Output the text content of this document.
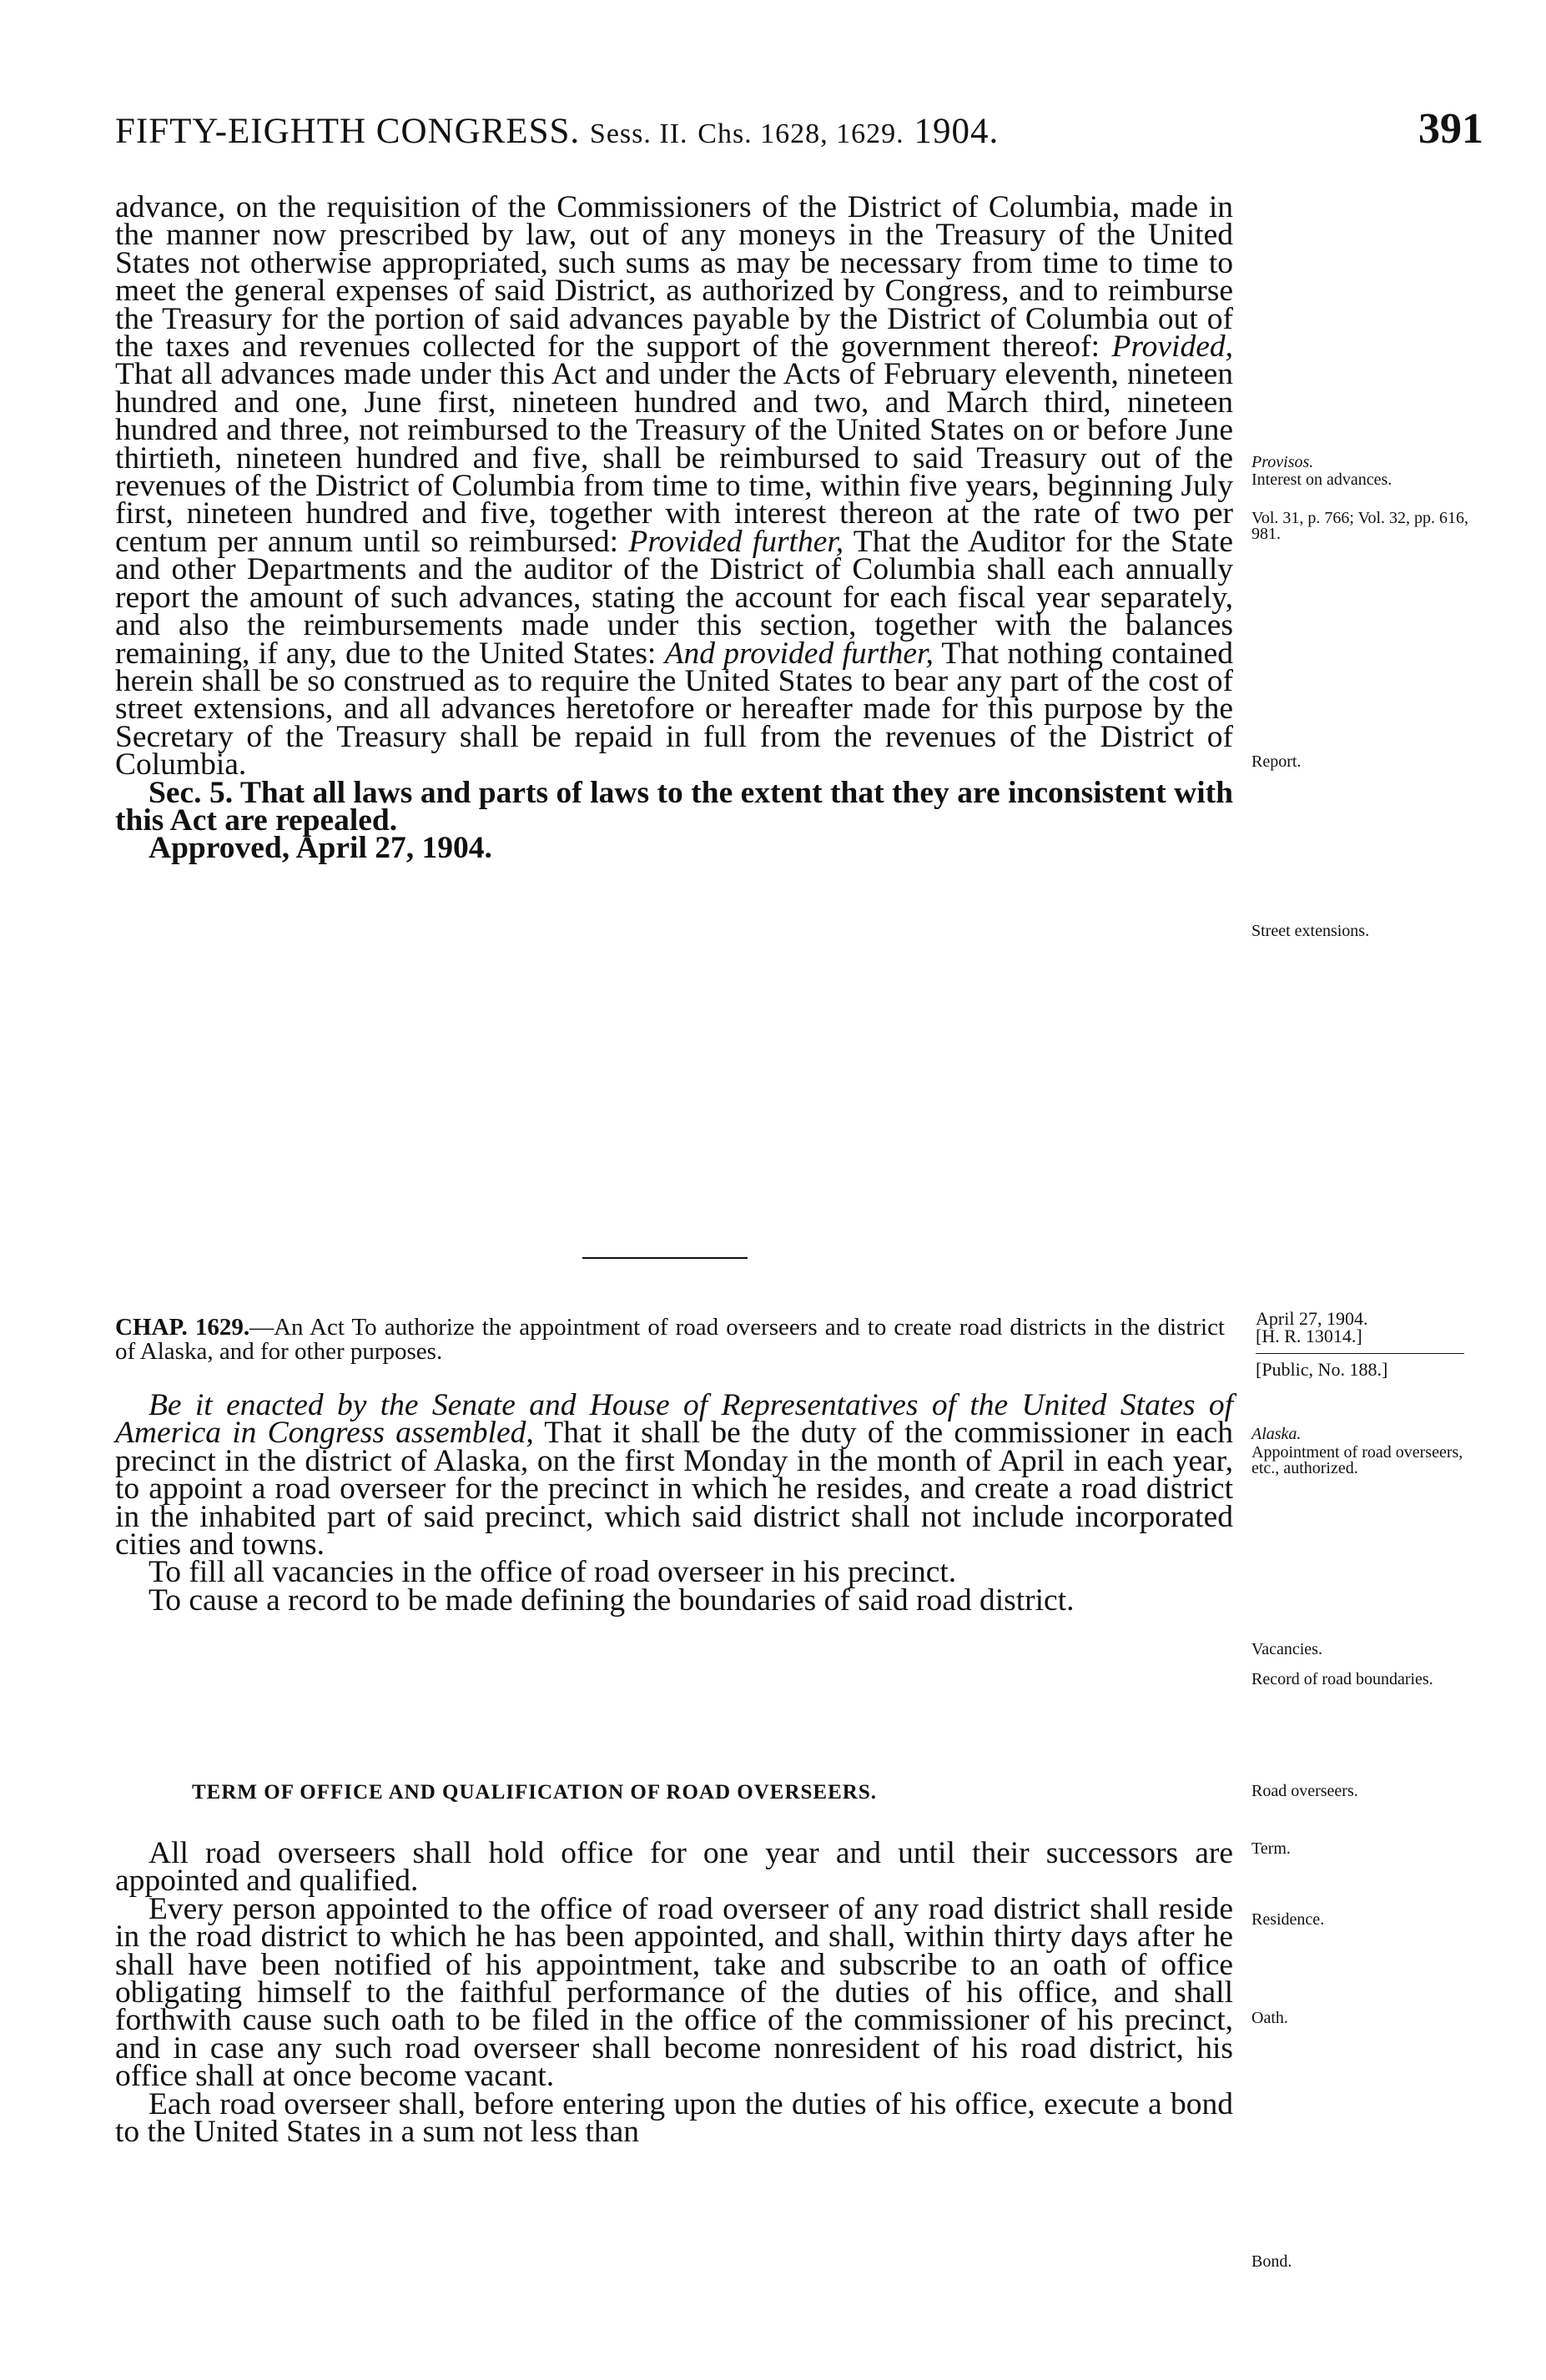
FIFTY-EIGHTH CONGRESS. Sess. II. Chs. 1628, 1629. 1904.	391

advance, on the requisition of the Commissioners of the District of Columbia, made in the manner now prescribed by law, out of any moneys in the Treasury of the United States not otherwise appropriated, such sums as may be necessary from time to time to meet the general expenses of said District, as authorized by Congress, and to reimburse the Treasury for the portion of said advances payable by the District of Columbia out of the taxes and revenues collected for the support of the government thereof: Provided, That all advances made under this Act and under the Acts of February eleventh, nineteen hundred and one, June first, nineteen hundred and two, and March third, nineteen hundred and three, not reimbursed to the Treasury of the United States on or before June thirtieth, nineteen hundred and five, shall be reimbursed to said Treasury out of the revenues of the District of Columbia from time to time, within five years, beginning July first, nineteen hundred and five, together with interest thereon at the rate of two per centum per annum until so reimbursed: Provided further, That the Auditor for the State and other Departments and the auditor of the District of Columbia shall each annually report the amount of such advances, stating the account for each fiscal year separately, and also the reimbursements made under this section, together with the balances remaining, if any, due to the United States: And provided further, That nothing contained herein shall be so construed as to require the United States to bear any part of the cost of street extensions, and all advances heretofore or hereafter made for this purpose by the Secretary of the Treasury shall be repaid in full from the revenues of the District of Columbia.

Sec. 5. That all laws and parts of laws to the extent that they are inconsistent with this Act are repealed.

Approved, April 27, 1904.

Provisos.
Interest on advances.
Vol. 31, p. 766; Vol. 32, pp. 616, 981.
Report.
Street extensions.
CHAP. 1629.—An Act To authorize the appointment of road overseers and to create road districts in the district of Alaska, and for other purposes.
April 27, 1904.
[H. R. 13014.]
[Public, No. 188.]

Be it enacted by the Senate and House of Representatives of the United States of America in Congress assembled, That it shall be the duty of the commissioner in each precinct in the district of Alaska, on the first Monday in the month of April in each year, to appoint a road overseer for the precinct in which he resides, and create a road district in the inhabited part of said precinct, which said district shall not include incorporated cities and towns.

To fill all vacancies in the office of road overseer in his precinct.

To cause a record to be made defining the boundaries of said road district.

TERM OF OFFICE AND QUALIFICATION OF ROAD OVERSEERS.

All road overseers shall hold office for one year and until their successors are appointed and qualified.

Every person appointed to the office of road overseer of any road district shall reside in the road district to which he has been appointed, and shall, within thirty days after he shall have been notified of his appointment, take and subscribe to an oath of office obligating himself to the faithful performance of the duties of his office, and shall forthwith cause such oath to be filed in the office of the commissioner of his precinct, and in case any such road overseer shall become nonresident of his road district, his office shall at once become vacant.

Each road overseer shall, before entering upon the duties of his office, execute a bond to the United States in a sum not less than

Alaska.
Appointment of road overseers, etc., authorized.
Vacancies.
Record of road boundaries.
Road overseers.
Term.
Residence.
Oath.
Bond.
